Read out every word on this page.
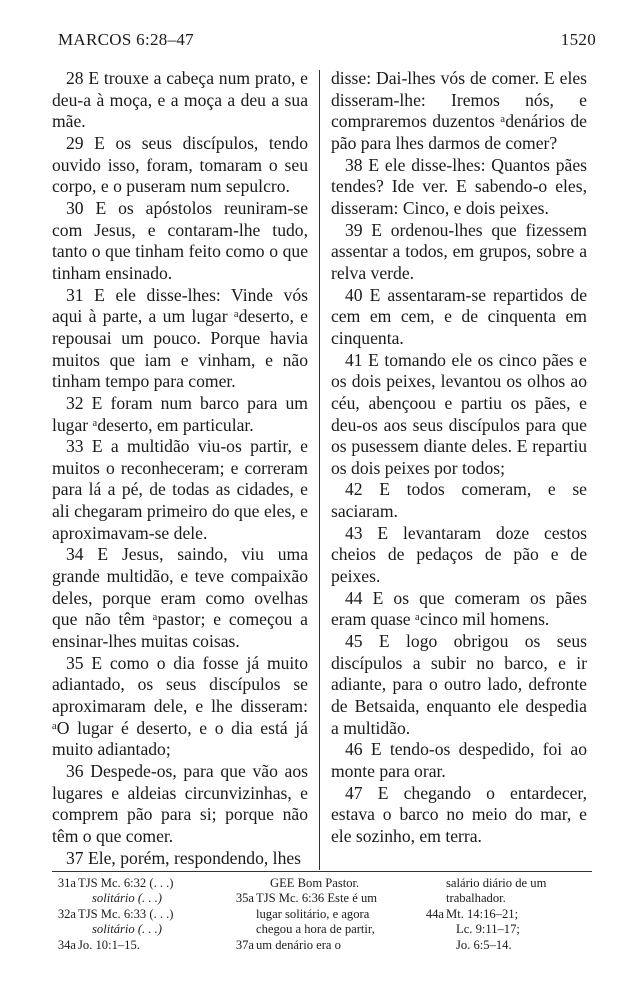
MARCOS 6:28–47	1520

28 E trouxe a cabeça num prato, e deu-a à moça, e a moça a deu a sua mãe.

29 E os seus discípulos, tendo ouvido isso, foram, tomaram o seu corpo, e o puseram num sepulcro.

30 E os apóstolos reuniram-se com Jesus, e contaram-lhe tudo, tanto o que tinham feito como o que tinham ensinado.

31 E ele disse-lhes: Vinde vós aqui à parte, a um lugar ᵃdeserto, e repousai um pouco. Porque havia muitos que iam e vinham, e não tinham tempo para comer.

32 E foram num barco para um lugar ᵃdeserto, em particular.

33 E a multidão viu-os partir, e muitos o reconheceram; e correram para lá a pé, de todas as cidades, e ali chegaram primeiro do que eles, e aproximavam-se dele.

34 E Jesus, saindo, viu uma grande multidão, e teve compaixão deles, porque eram como ovelhas que não têm ᵃpastor; e começou a ensinar-lhes muitas coisas.

35 E como o dia fosse já muito adiantado, os seus discípulos se aproximaram dele, e lhe disseram: ᵃO lugar é deserto, e o dia está já muito adiantado;

36 Despede-os, para que vão aos lugares e aldeias circunvizinhas, e comprem pão para si; porque não têm o que comer.

37 Ele, porém, respondendo, lhes

disse: Dai-lhes vós de comer. E eles disseram-lhe: Iremos nós, e compraremos duzentos ᵃdenários de pão para lhes darmos de comer?

38 E ele disse-lhes: Quantos pães tendes? Ide ver. E sabendo-o eles, disseram: Cinco, e dois peixes.

39 E ordenou-lhes que fizessem assentar a todos, em grupos, sobre a relva verde.

40 E assentaram-se repartidos de cem em cem, e de cinquenta em cinquenta.

41 E tomando ele os cinco pães e os dois peixes, levantou os olhos ao céu, abençoou e partiu os pães, e deu-os aos seus discípulos para que os pusessem diante deles. E repartiu os dois peixes por todos;

42 E todos comeram, e se saciaram.

43 E levantaram doze cestos cheios de pedaços de pão e de peixes.

44 E os que comeram os pães eram quase ᵃcinco mil homens.

45 E logo obrigou os seus discípulos a subir no barco, e ir adiante, para o outro lado, defronte de Betsaida, enquanto ele despedia a multidão.

46 E tendo-os despedido, foi ao monte para orar.

47 E chegando o entardecer, estava o barco no meio do mar, e ele sozinho, em terra.

31a TJS Mc. 6:32 (. . .)
solitário (. . .)
32a TJS Mc. 6:33 (. . .)
solitário (. . .)
34a Jo. 10:1–15.
GEE Bom Pastor.
35a TJS Mc. 6:36 Este é um
lugar solitário, e agora
chegou a hora de partir,
37a um denário era o
salário diário de um
trabalhador.
44a Mt. 14:16–21;
Lc. 9:11–17;
Jo. 6:5–14.
